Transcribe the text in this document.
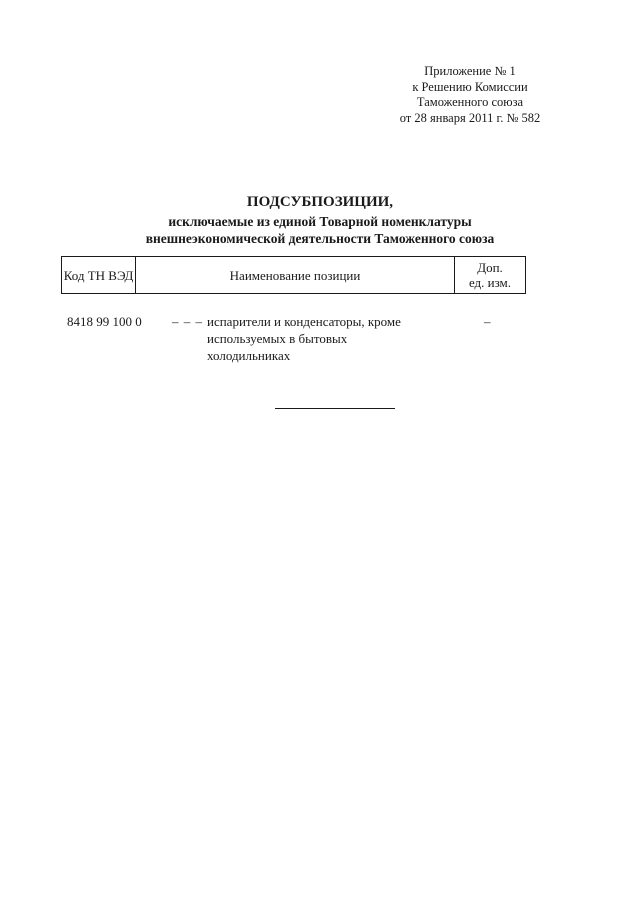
Приложение № 1
к Решению Комиссии
Таможенного союза
от 28 января 2011 г. № 582
ПОДСУБПОЗИЦИИ,
исключаемые из единой Товарной номенклатуры
внешнеэкономической деятельности Таможенного союза
Код ТН ВЭД	Наименование позиции	Доп.
ед. изм.
8418 99 100 0 – – – испарители и конденсаторы, кроме
используемых в бытовых
холодильниках
–
